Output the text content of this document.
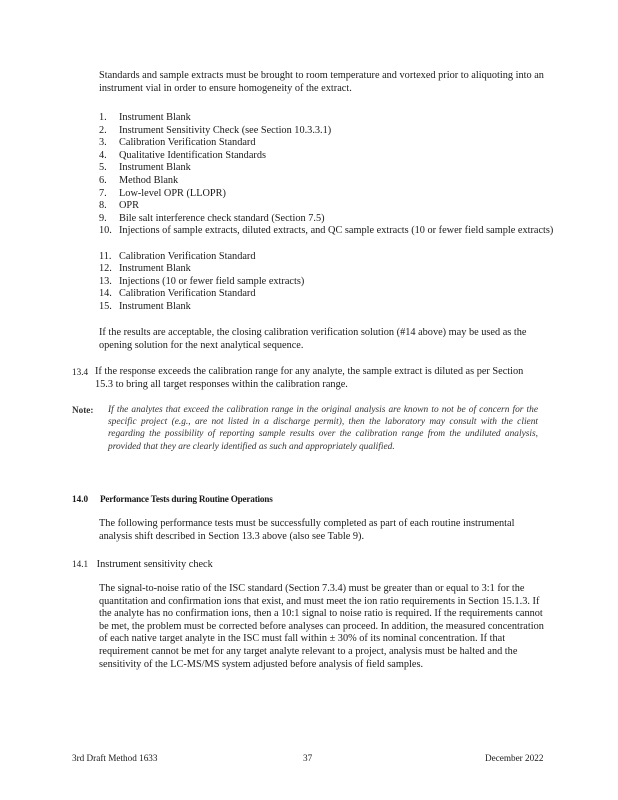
Standards and sample extracts must be brought to room temperature and vortexed prior to aliquoting into an instrument vial in order to ensure homogeneity of the extract.

1. Instrument Blank
2. Instrument Sensitivity Check (see Section 10.3.3.1)
3. Calibration Verification Standard
4. Qualitative Identification Standards
5. Instrument Blank
6. Method Blank
7. Low-level OPR (LLOPR)
8. OPR
9. Bile salt interference check standard (Section 7.5)
10. Injections of sample extracts, diluted extracts, and QC sample extracts (10 or fewer field sample extracts)
11. Calibration Verification Standard
12. Instrument Blank
13. Injections (10 or fewer field sample extracts)
14. Calibration Verification Standard
15. Instrument Blank

If the results are acceptable, the closing calibration verification solution (#14 above) may be used as the opening solution for the next analytical sequence.

13.4 If the response exceeds the calibration range for any analyte, the sample extract is diluted as per Section 15.3 to bring all target responses within the calibration range.

Note: If the analytes that exceed the calibration range in the original analysis are known to not be of concern for the specific project (e.g., are not listed in a discharge permit), then the laboratory may consult with the client regarding the possibility of reporting sample results over the calibration range from the undiluted analysis, provided that they are clearly identified as such and appropriately qualified.
14.0 Performance Tests during Routine Operations

The following performance tests must be successfully completed as part of each routine instrumental analysis shift described in Section 13.3 above (also see Table 9).

14.1 Instrument sensitivity check

The signal-to-noise ratio of the ISC standard (Section 7.3.4) must be greater than or equal to 3:1 for the quantitation and confirmation ions that exist, and must meet the ion ratio requirements in Section 15.1.3. If the analyte has no confirmation ions, then a 10:1 signal to noise ratio is required. If the requirements cannot be met, the problem must be corrected before analyses can proceed. In addition, the measured concentration of each native target analyte in the ISC must fall within ± 30% of its nominal concentration. If that requirement cannot be met for any target analyte relevant to a project, analysis must be halted and the sensitivity of the LC-MS/MS system adjusted before analysis of field samples.

3rd Draft Method 1633	37	December 2022
